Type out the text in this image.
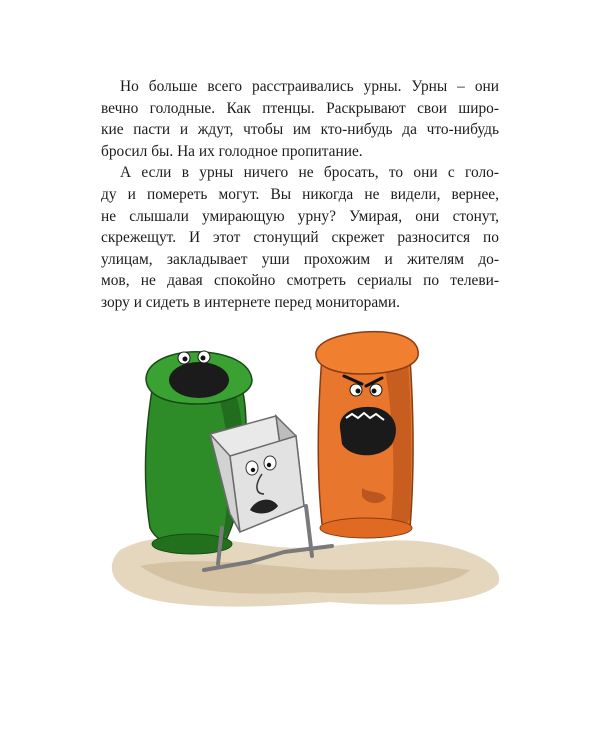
Но больше всего расстраивались урны. Урны – они
вечно голодные. Как птенцы. Раскрывают свои широ-
кие пасти и ждут, чтобы им кто-нибудь да что-нибудь
бросил бы. На их голодное пропитание.

А если в урны ничего не бросать, то они с голо-
ду и помереть могут. Вы никогда не видели, вернее,
не слышали умирающую урну? Умирая, они стонут,
скрежещут. И этот стонущий скрежет разносится по
улицам, закладывает уши прохожим и жителям до-
мов, не давая спокойно смотреть сериалы по телеви-
зору и сидеть в интернете перед мониторами.
